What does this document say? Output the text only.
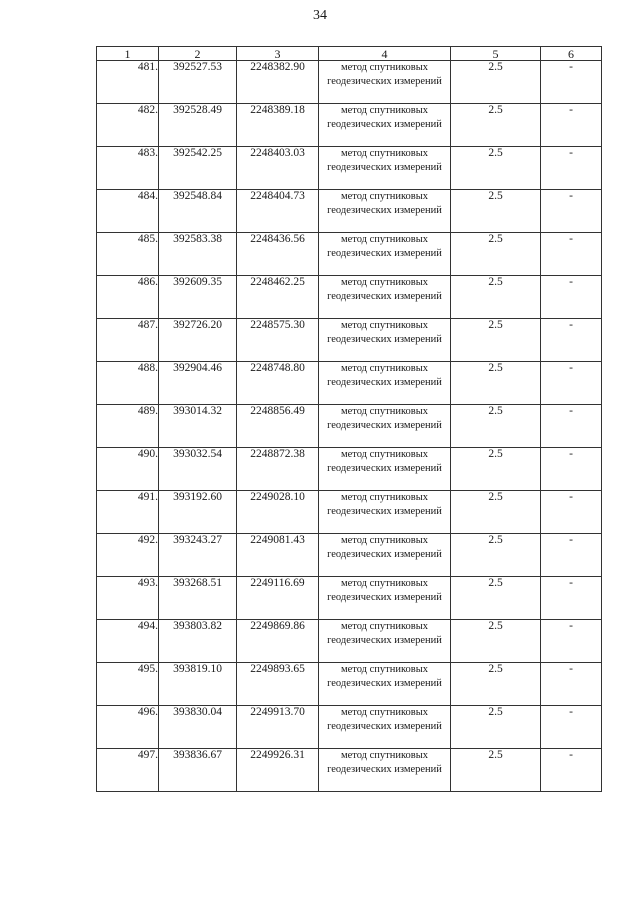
34
1	2	3	4	5	6
481.	392527.53	2248382.90	метод спутниковых геодезических измерений	2.5	-
482.	392528.49	2248389.18	метод спутниковых геодезических измерений	2.5	-
483.	392542.25	2248403.03	метод спутниковых геодезических измерений	2.5	-
484.	392548.84	2248404.73	метод спутниковых геодезических измерений	2.5	-
485.	392583.38	2248436.56	метод спутниковых геодезических измерений	2.5	-
486.	392609.35	2248462.25	метод спутниковых геодезических измерений	2.5	-
487.	392726.20	2248575.30	метод спутниковых геодезических измерений	2.5	-
488.	392904.46	2248748.80	метод спутниковых геодезических измерений	2.5	-
489.	393014.32	2248856.49	метод спутниковых геодезических измерений	2.5	-
490.	393032.54	2248872.38	метод спутниковых геодезических измерений	2.5	-
491.	393192.60	2249028.10	метод спутниковых геодезических измерений	2.5	-
492.	393243.27	2249081.43	метод спутниковых геодезических измерений	2.5	-
493.	393268.51	2249116.69	метод спутниковых геодезических измерений	2.5	-
494.	393803.82	2249869.86	метод спутниковых геодезических измерений	2.5	-
495.	393819.10	2249893.65	метод спутниковых геодезических измерений	2.5	-
496.	393830.04	2249913.70	метод спутниковых геодезических измерений	2.5	-
497.	393836.67	2249926.31	метод спутниковых геодезических измерений	2.5	-
